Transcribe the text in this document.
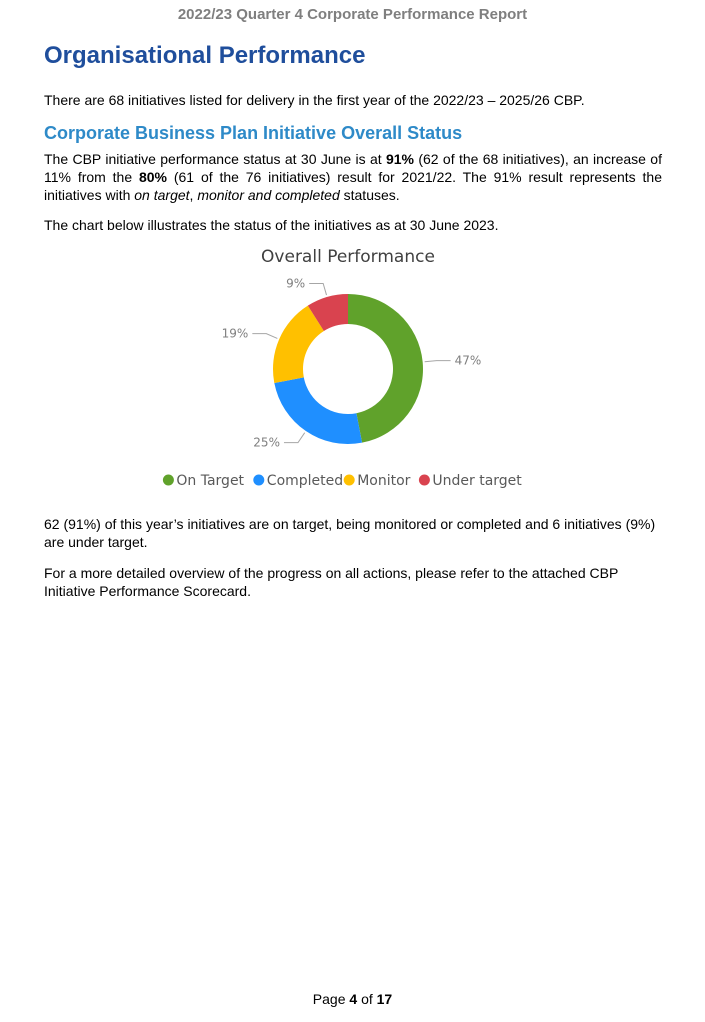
2022/23 Quarter 4 Corporate Performance Report
Organisational Performance

There are 68 initiatives listed for delivery in the first year of the 2022/23 – 2025/26 CBP.

Corporate Business Plan Initiative Overall Status

The CBP initiative performance status at 30 June is at 91% (62 of the 68 initiatives), an increase of 11% from the 80% (61 of the 76 initiatives) result for 2021/22. The 91% result represents the initiatives with on target, monitor and completed statuses.

The chart below illustrates the status of the initiatives as at 30 June 2023.

Overall Performance
47%
25%
19%
9%
On Target Completed Monitor Under target

62 (91%) of this year’s initiatives are on target, being monitored or completed and 6 initiatives (9%) are under target.

For a more detailed overview of the progress on all actions, please refer to the attached CBP Initiative Performance Scorecard.

Page 4 of 17
